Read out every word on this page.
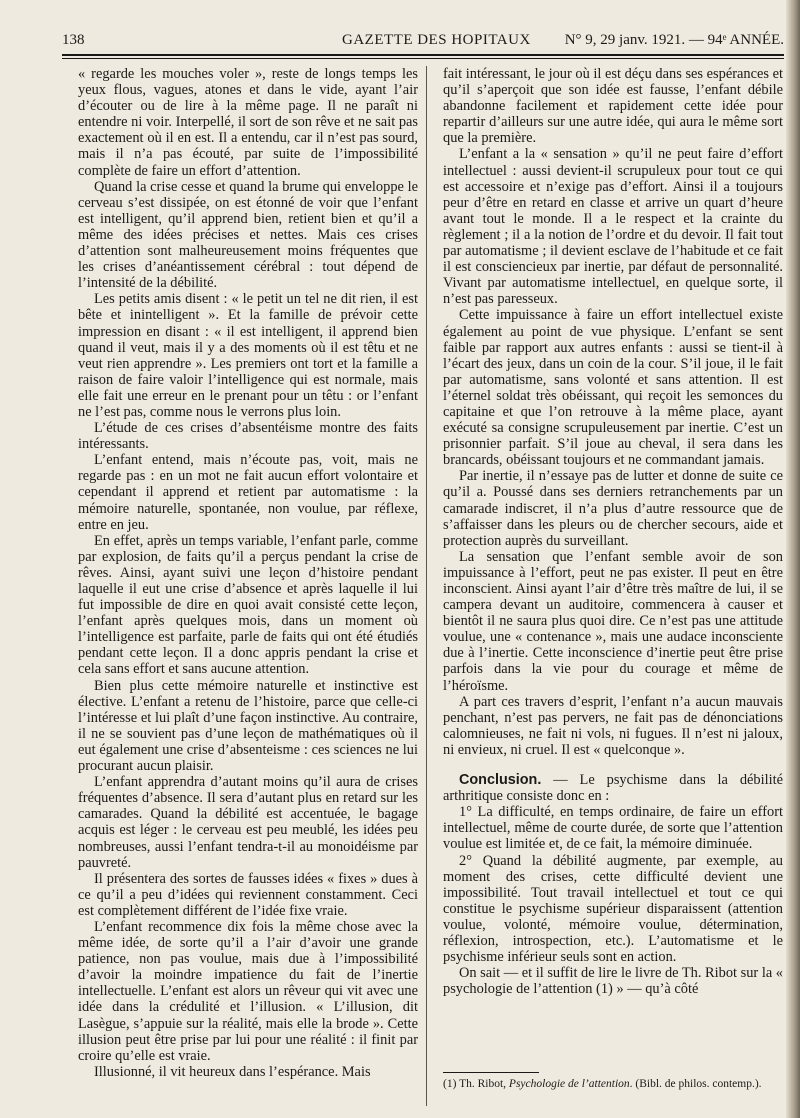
138	GAZETTE DES HOPITAUX N° 9, 29 janv. 1921. — 94ᵉ ANNÉE.

« regarde les mouches voler », reste de longs temps les yeux flous, vagues, atones et dans le vide, ayant l’air d’écouter ou de lire à la même page. Il ne paraît ni entendre ni voir. Interpellé, il sort de son rêve et ne sait pas exactement où il en est. Il a entendu, car il n’est pas sourd, mais il n’a pas écouté, par suite de l’impossibilité complète de faire un effort d’attention.

Quand la crise cesse et quand la brume qui enveloppe le cerveau s’est dissipée, on est étonné de voir que l’enfant est intelligent, qu’il apprend bien, retient bien et qu’il a même des idées précises et nettes. Mais ces crises d’attention sont malheureusement moins fréquentes que les crises d’anéantissement cérébral : tout dépend de l’intensité de la débilité.

Les petits amis disent : « le petit un tel ne dit rien, il est bête et inintelligent ». Et la famille de prévoir cette impression en disant : « il est intelligent, il apprend bien quand il veut, mais il y a des moments où il est têtu et ne veut rien apprendre ». Les premiers ont tort et la famille a raison de faire valoir l’intelligence qui est normale, mais elle fait une erreur en le prenant pour un têtu : or l’enfant ne l’est pas, comme nous le verrons plus loin.

L’étude de ces crises d’absentéisme montre des faits intéressants.

L’enfant entend, mais n’écoute pas, voit, mais ne regarde pas : en un mot ne fait aucun effort volontaire et cependant il apprend et retient par automatisme : la mémoire naturelle, spontanée, non voulue, par réflexe, entre en jeu.

En effet, après un temps variable, l’enfant parle, comme par explosion, de faits qu’il a perçus pendant la crise de rêves. Ainsi, ayant suivi une leçon d’histoire pendant laquelle il eut une crise d’absence et après laquelle il lui fut impossible de dire en quoi avait consisté cette leçon, l’enfant après quelques mois, dans un moment où l’intelligence est parfaite, parle de faits qui ont été étudiés pendant cette leçon. Il a donc appris pendant la crise et cela sans effort et sans aucune attention.

Bien plus cette mémoire naturelle et instinctive est élective. L’enfant a retenu de l’histoire, parce que celle-ci l’intéresse et lui plaît d’une façon instinctive. Au contraire, il ne se souvient pas d’une leçon de mathématiques où il eut également une crise d’absenteisme : ces sciences ne lui procurant aucun plaisir.

L’enfant apprendra d’autant moins qu’il aura de crises fréquentes d’absence. Il sera d’autant plus en retard sur les camarades. Quand la débilité est accentuée, le bagage acquis est léger : le cerveau est peu meublé, les idées peu nombreuses, aussi l’enfant tendra-t-il au monoidéisme par pauvreté.

Il présentera des sortes de fausses idées « fixes » dues à ce qu’il a peu d’idées qui reviennent constamment. Ceci est complètement différent de l’idée fixe vraie.

L’enfant recommence dix fois la même chose avec la même idée, de sorte qu’il a l’air d’avoir une grande patience, non pas voulue, mais due à l’impossibilité d’avoir la moindre impatience du fait de l’inertie intellectuelle. L’enfant est alors un rêveur qui vit avec une idée dans la crédulité et l’illusion. « L’illusion, dit Lasègue, s’appuie sur la réalité, mais elle la brode ». Cette illusion peut être prise par lui pour une réalité : il finit par croire qu’elle est vraie.

Illusionné, il vit heureux dans l’espérance. Mais

fait intéressant, le jour où il est déçu dans ses espérances et qu’il s’aperçoit que son idée est fausse, l’enfant débile abandonne facilement et rapidement cette idée pour repartir d’ailleurs sur une autre idée, qui aura le même sort que la première.

L’enfant a la « sensation » qu’il ne peut faire d’effort intellectuel : aussi devient-il scrupuleux pour tout ce qui est accessoire et n’exige pas d’effort. Ainsi il a toujours peur d’être en retard en classe et arrive un quart d’heure avant tout le monde. Il a le respect et la crainte du règlement ; il a la notion de l’ordre et du devoir. Il fait tout par automatisme ; il devient esclave de l’habitude et ce fait il est consciencieux par inertie, par défaut de personnalité. Vivant par automatisme intellectuel, en quelque sorte, il n’est pas paresseux.

Cette impuissance à faire un effort intellectuel existe également au point de vue physique. L’enfant se sent faible par rapport aux autres enfants : aussi se tient-il à l’écart des jeux, dans un coin de la cour. S’il joue, il le fait par automatisme, sans volonté et sans attention. Il est l’éternel soldat très obéissant, qui reçoit les semonces du capitaine et que l’on retrouve à la même place, ayant exécuté sa consigne scrupuleusement par inertie. C’est un prisonnier parfait. S’il joue au cheval, il sera dans les brancards, obéissant toujours et ne commandant jamais.

Par inertie, il n’essaye pas de lutter et donne de suite ce qu’il a. Poussé dans ses derniers retranchements par un camarade indiscret, il n’a plus d’autre ressource que de s’affaisser dans les pleurs ou de chercher secours, aide et protection auprès du surveillant.

La sensation que l’enfant semble avoir de son impuissance à l’effort, peut ne pas exister. Il peut en être inconscient. Ainsi ayant l’air d’être très maître de lui, il se campera devant un auditoire, commencera à causer et bientôt il ne saura plus quoi dire. Ce n’est pas une attitude voulue, une « contenance », mais une audace inconsciente due à l’inertie. Cette inconscience d’inertie peut être prise parfois dans la vie pour du courage et même de l’héroïsme.

A part ces travers d’esprit, l’enfant n’a aucun mauvais penchant, n’est pas pervers, ne fait pas de dénonciations calomnieuses, ne fait ni vols, ni fugues. Il n’est ni jaloux, ni envieux, ni cruel. Il est « quelconque ».

Conclusion. — Le psychisme dans la débilité arthritique consiste donc en :

1° La difficulté, en temps ordinaire, de faire un effort intellectuel, même de courte durée, de sorte que l’attention voulue est limitée et, de ce fait, la mémoire diminuée.

2° Quand la débilité augmente, par exemple, au moment des crises, cette difficulté devient une impossibilité. Tout travail intellectuel et tout ce qui constitue le psychisme supérieur disparaissent (attention voulue, volonté, mémoire voulue, détermination, réflexion, introspection, etc.). L’automatisme et le psychisme inférieur seuls sont en action.

On sait — et il suffit de lire le livre de Th. Ribot sur la « psychologie de l’attention (1) » — qu’à côté

(1) Th. Ribot, Psychologie de l’attention. (Bibl. de philos. contemp.).
